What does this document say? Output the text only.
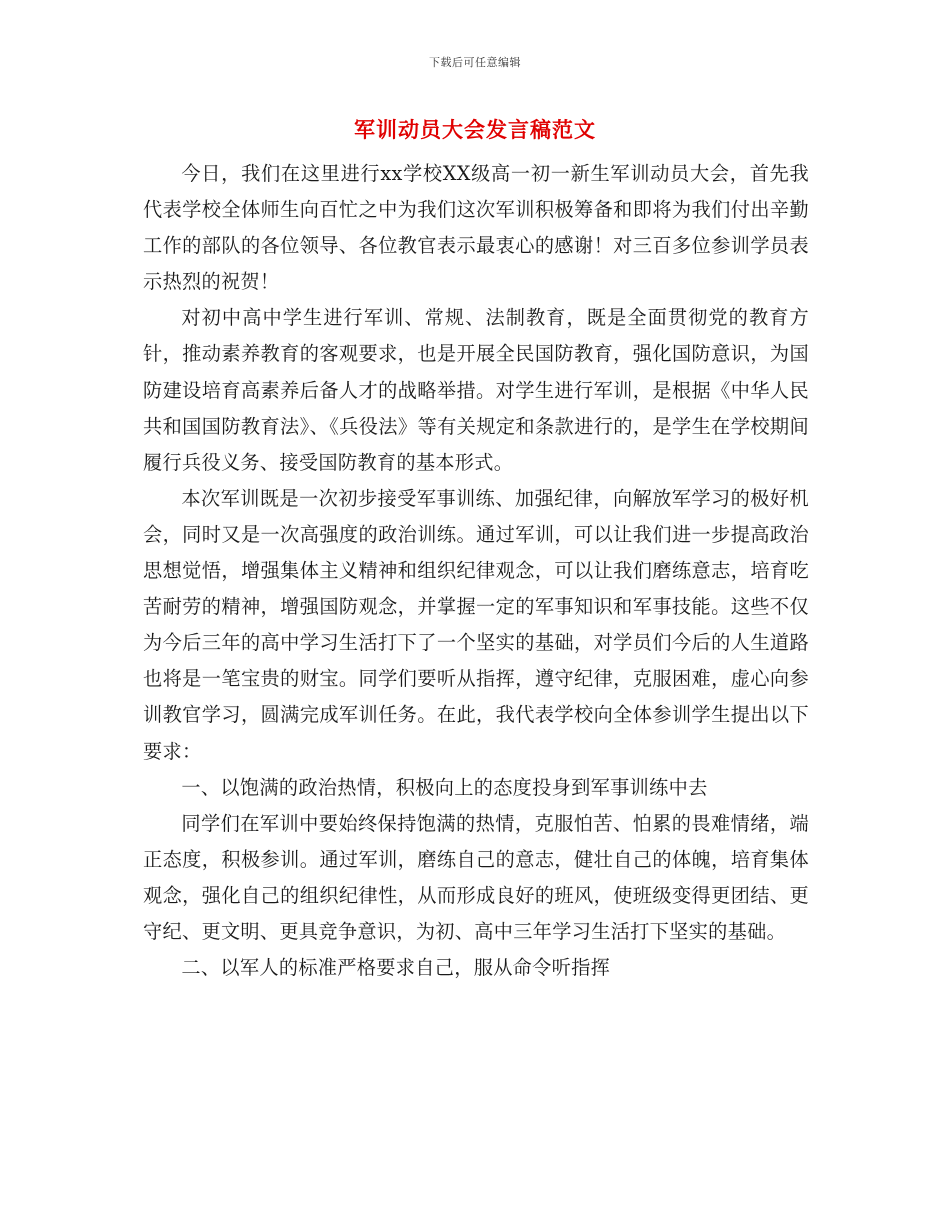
下载后可任意编辑
军训动员大会发言稿范文

今日，我们在这里进行xx学校XX级高一初一新生军训动员大会，首先我代表学校全体师生向百忙之中为我们这次军训积极筹备和即将为我们付出辛勤工作的部队的各位领导、各位教官表示最衷心的感谢！对三百多位参训学员表示热烈的祝贺！

对初中高中学生进行军训、常规、法制教育，既是全面贯彻党的教育方针，推动素养教育的客观要求，也是开展全民国防教育，强化国防意识，为国防建设培育高素养后备人才的战略举措。对学生进行军训，是根据《中华人民共和国国防教育法》、《兵役法》等有关规定和条款进行的，是学生在学校期间履行兵役义务、接受国防教育的基本形式。

本次军训既是一次初步接受军事训练、加强纪律，向解放军学习的极好机会，同时又是一次高强度的政治训练。通过军训，可以让我们进一步提高政治思想觉悟，增强集体主义精神和组织纪律观念，可以让我们磨练意志，培育吃苦耐劳的精神，增强国防观念，并掌握一定的军事知识和军事技能。这些不仅为今后三年的高中学习生活打下了一个坚实的基础，对学员们今后的人生道路也将是一笔宝贵的财宝。同学们要听从指挥，遵守纪律，克服困难，虚心向参训教官学习，圆满完成军训任务。在此，我代表学校向全体参训学生提出以下要求：

一、以饱满的政治热情，积极向上的态度投身到军事训练中去

同学们在军训中要始终保持饱满的热情，克服怕苦、怕累的畏难情绪，端正态度，积极参训。通过军训，磨练自己的意志，健壮自己的体魄，培育集体观念，强化自己的组织纪律性，从而形成良好的班风，使班级变得更团结、更守纪、更文明、更具竞争意识，为初、高中三年学习生活打下坚实的基础。

二、以军人的标准严格要求自己，服从命令听指挥
